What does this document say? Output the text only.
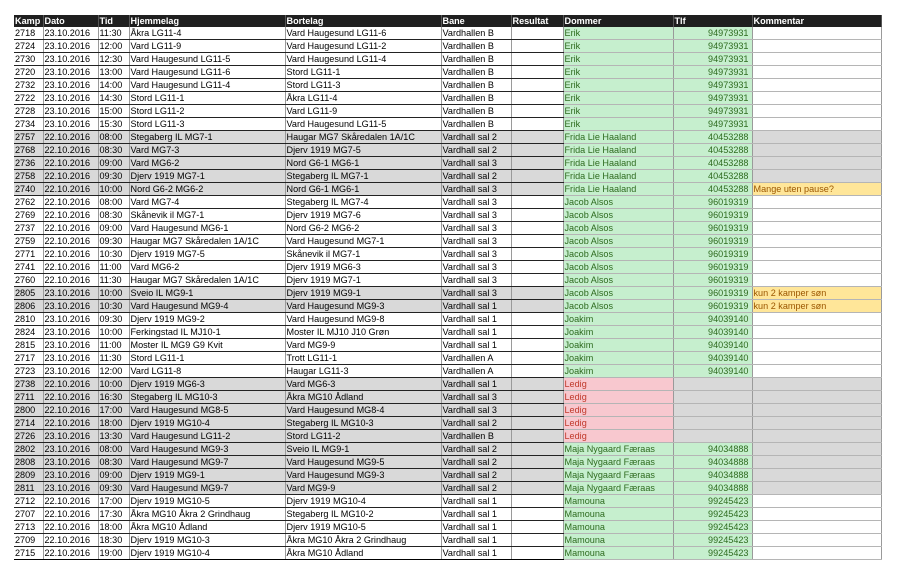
Kamp	Dato	Tid	Hjemmelag	Bortelag	Bane	Resultat	Dommer	Tlf	Kommentar
2718	23.10.2016	11:30	Åkra LG11-4	Vard Haugesund LG11-6	Vardhallen B		Erik	94973931	
2724	23.10.2016	12:00	Vard LG11-9	Vard Haugesund LG11-2	Vardhallen B		Erik	94973931	
2730	23.10.2016	12:30	Vard Haugesund LG11-5	Vard Haugesund LG11-4	Vardhallen B		Erik	94973931	
2720	23.10.2016	13:00	Vard Haugesund LG11-6	Stord LG11-1	Vardhallen B		Erik	94973931	
2732	23.10.2016	14:00	Vard Haugesund LG11-4	Stord LG11-3	Vardhallen B		Erik	94973931	
2722	23.10.2016	14:30	Stord LG11-1	Åkra LG11-4	Vardhallen B		Erik	94973931	
2728	23.10.2016	15:00	Stord LG11-2	Vard LG11-9	Vardhallen B		Erik	94973931	
2734	23.10.2016	15:30	Stord LG11-3	Vard Haugesund LG11-5	Vardhallen B		Erik	94973931	
2757	22.10.2016	08:00	Stegaberg IL MG7-1	Haugar MG7 Skåredalen 1A/1C	Vardhall sal 2		Frida Lie Haaland	40453288	
2768	22.10.2016	08:30	Vard MG7-3	Djerv 1919 MG7-5	Vardhall sal 2		Frida Lie Haaland	40453288	
2736	22.10.2016	09:00	Vard MG6-2	Nord G6-1 MG6-1	Vardhall sal 3		Frida Lie Haaland	40453288	
2758	22.10.2016	09:30	Djerv 1919 MG7-1	Stegaberg IL MG7-1	Vardhall sal 2		Frida Lie Haaland	40453288	
2740	22.10.2016	10:00	Nord G6-2 MG6-2	Nord G6-1 MG6-1	Vardhall sal 3		Frida Lie Haaland	40453288	Mange uten pause?
2762	22.10.2016	08:00	Vard MG7-4	Stegaberg IL MG7-4	Vardhall sal 3		Jacob Alsos	96019319	
2769	22.10.2016	08:30	Skånevik il MG7-1	Djerv 1919 MG7-6	Vardhall sal 3		Jacob Alsos	96019319	
2737	22.10.2016	09:00	Vard Haugesund MG6-1	Nord G6-2 MG6-2	Vardhall sal 3		Jacob Alsos	96019319	
2759	22.10.2016	09:30	Haugar MG7 Skåredalen 1A/1C	Vard Haugesund MG7-1	Vardhall sal 3		Jacob Alsos	96019319	
2771	22.10.2016	10:30	Djerv 1919 MG7-5	Skånevik il MG7-1	Vardhall sal 3		Jacob Alsos	96019319	
2741	22.10.2016	11:00	Vard MG6-2	Djerv 1919 MG6-3	Vardhall sal 3		Jacob Alsos	96019319	
2760	22.10.2016	11:30	Haugar MG7 Skåredalen 1A/1C	Djerv 1919 MG7-1	Vardhall sal 3		Jacob Alsos	96019319	
2805	23.10.2016	10:00	Sveio IL MG9-1	Djerv 1919 MG9-1	Vardhall sal 3		Jacob Alsos	96019319	kun 2 kamper søn
2806	23.10.2016	10:30	Vard Haugesund MG9-4	Vard Haugesund MG9-3	Vardhall sal 1		Jacob Alsos	96019319	kun 2 kamper søn
2810	23.10.2016	09:30	Djerv 1919 MG9-2	Vard Haugesund MG9-8	Vardhall sal 1		Joakim	94039140	
2824	23.10.2016	10:00	Ferkingstad IL MJ10-1	Moster IL MJ10 J10 Grøn	Vardhall sal 1		Joakim	94039140	
2815	23.10.2016	11:00	Moster IL MG9 G9 Kvit	Vard MG9-9	Vardhall sal 1		Joakim	94039140	
2717	23.10.2016	11:30	Stord LG11-1	Trott LG11-1	Vardhallen A		Joakim	94039140	
2723	23.10.2016	12:00	Vard LG11-8	Haugar LG11-3	Vardhallen A		Joakim	94039140	
2738	22.10.2016	10:00	Djerv 1919 MG6-3	Vard MG6-3	Vardhall sal 1		Ledig		
2711	22.10.2016	16:30	Stegaberg IL MG10-3	Åkra MG10 Ådland	Vardhall sal 3		Ledig		
2800	22.10.2016	17:00	Vard Haugesund MG8-5	Vard Haugesund MG8-4	Vardhall sal 3		Ledig		
2714	22.10.2016	18:00	Djerv 1919 MG10-4	Stegaberg IL MG10-3	Vardhall sal 2		Ledig		
2726	23.10.2016	13:30	Vard Haugesund LG11-2	Stord LG11-2	Vardhallen B		Ledig		
2802	23.10.2016	08:00	Vard Haugesund MG9-3	Sveio IL MG9-1	Vardhall sal 2		Maja Nygaard Færaas	94034888	
2808	23.10.2016	08:30	Vard Haugesund MG9-7	Vard Haugesund MG9-5	Vardhall sal 2		Maja Nygaard Færaas	94034888	
2809	23.10.2016	09:00	Djerv 1919 MG9-1	Vard Haugesund MG9-3	Vardhall sal 2		Maja Nygaard Færaas	94034888	
2811	23.10.2016	09:30	Vard Haugesund MG9-7	Vard MG9-9	Vardhall sal 2		Maja Nygaard Færaas	94034888	
2712	22.10.2016	17:00	Djerv 1919 MG10-5	Djerv 1919 MG10-4	Vardhall sal 1		Mamouna	99245423	
2707	22.10.2016	17:30	Åkra MG10 Åkra 2 Grindhaug	Stegaberg IL MG10-2	Vardhall sal 1		Mamouna	99245423	
2713	22.10.2016	18:00	Åkra MG10 Ådland	Djerv 1919 MG10-5	Vardhall sal 1		Mamouna	99245423	
2709	22.10.2016	18:30	Djerv 1919 MG10-3	Åkra MG10 Åkra 2 Grindhaug	Vardhall sal 1		Mamouna	99245423	
2715	22.10.2016	19:00	Djerv 1919 MG10-4	Åkra MG10 Ådland	Vardhall sal 1		Mamouna	99245423	
